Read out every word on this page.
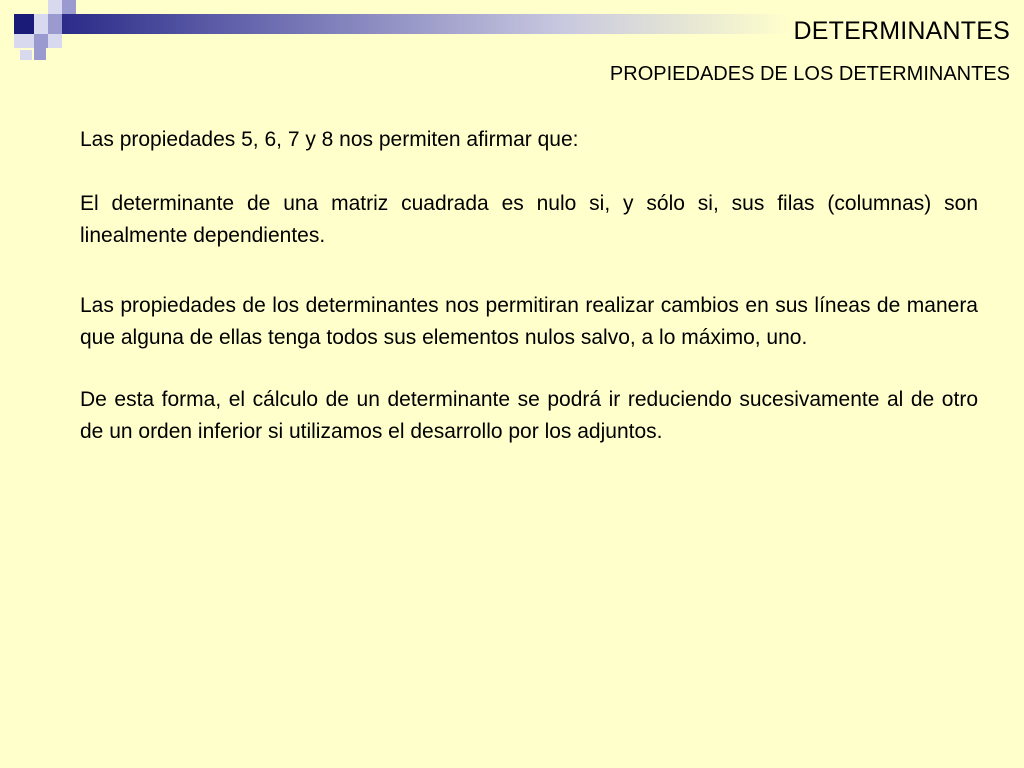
DETERMINANTES
PROPIEDADES DE LOS DETERMINANTES

Las propiedades 5, 6, 7 y 8 nos permiten afirmar que:

El determinante de una matriz cuadrada es nulo si, y sólo si, sus filas (columnas) son linealmente dependientes.

Las propiedades de los determinantes nos permitiran realizar cambios en sus líneas de manera que alguna de ellas tenga todos sus elementos nulos salvo, a lo máximo, uno.

De esta forma, el cálculo de un determinante se podrá ir reduciendo sucesivamente al de otro de un orden inferior si utilizamos el desarrollo por los adjuntos.
